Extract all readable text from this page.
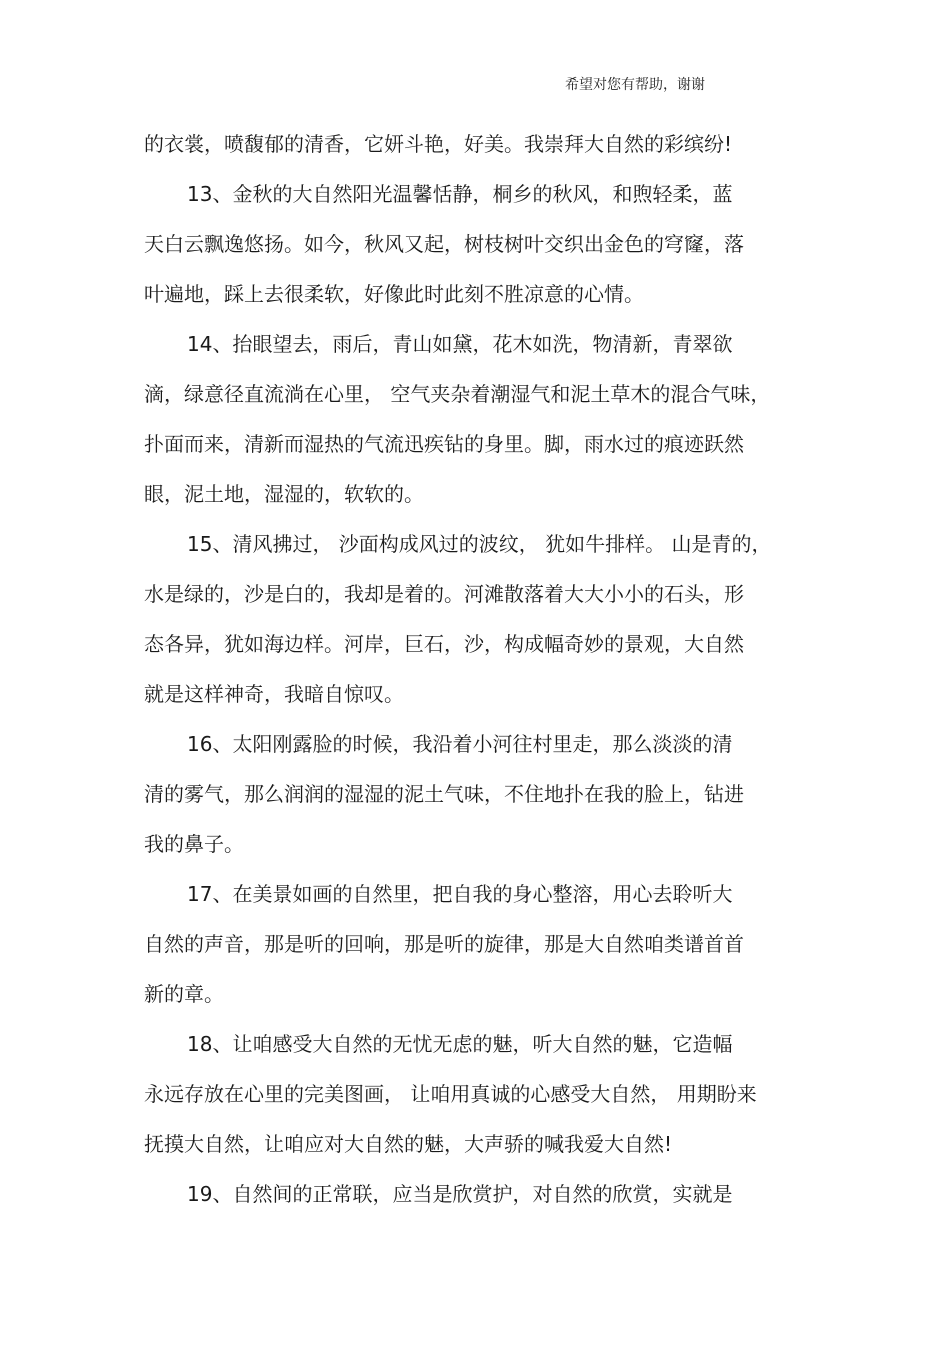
希望对您有帮助，谢谢
的衣裳，喷馥郁的清香，它妍斗艳，好美。我崇拜大自然的彩缤纷!
13、金秋的大自然阳光温馨恬静，桐乡的秋风，和煦轻柔，蓝
天白云飘逸悠扬。如今，秋风又起，树枝树叶交织出金色的穹窿，落
叶遍地，踩上去很柔软，好像此时此刻不胜凉意的心情。
14、抬眼望去，雨后，青山如黛，花木如洗，物清新，青翠欲
滴，绿意径直流淌在心里， 空气夹杂着潮湿气和泥土草木的混合气味，
扑面而来，清新而湿热的气流迅疾钻的身里。脚，雨水过的痕迹跃然
眼，泥土地，湿湿的，软软的。
15、清风拂过， 沙面构成风过的波纹， 犹如牛排样。 山是青的，
水是绿的，沙是白的，我却是着的。河滩散落着大大小小的石头，形
态各异，犹如海边样。河岸，巨石，沙，构成幅奇妙的景观，大自然
就是这样神奇，我暗自惊叹。
16、太阳刚露脸的时候，我沿着小河往村里走，那么淡淡的清
清的雾气，那么润润的湿湿的泥土气味，不住地扑在我的脸上，钻进
我的鼻子。
17、在美景如画的自然里，把自我的身心整溶，用心去聆听大
自然的声音，那是听的回响，那是听的旋律，那是大自然咱类谱首首
新的章。
18、让咱感受大自然的无忧无虑的魅，听大自然的魅，它造幅
永远存放在心里的完美图画， 让咱用真诚的心感受大自然， 用期盼来
抚摸大自然，让咱应对大自然的魅，大声骄的喊我爱大自然!
19、自然间的正常联，应当是欣赏护，对自然的欣赏，实就是
